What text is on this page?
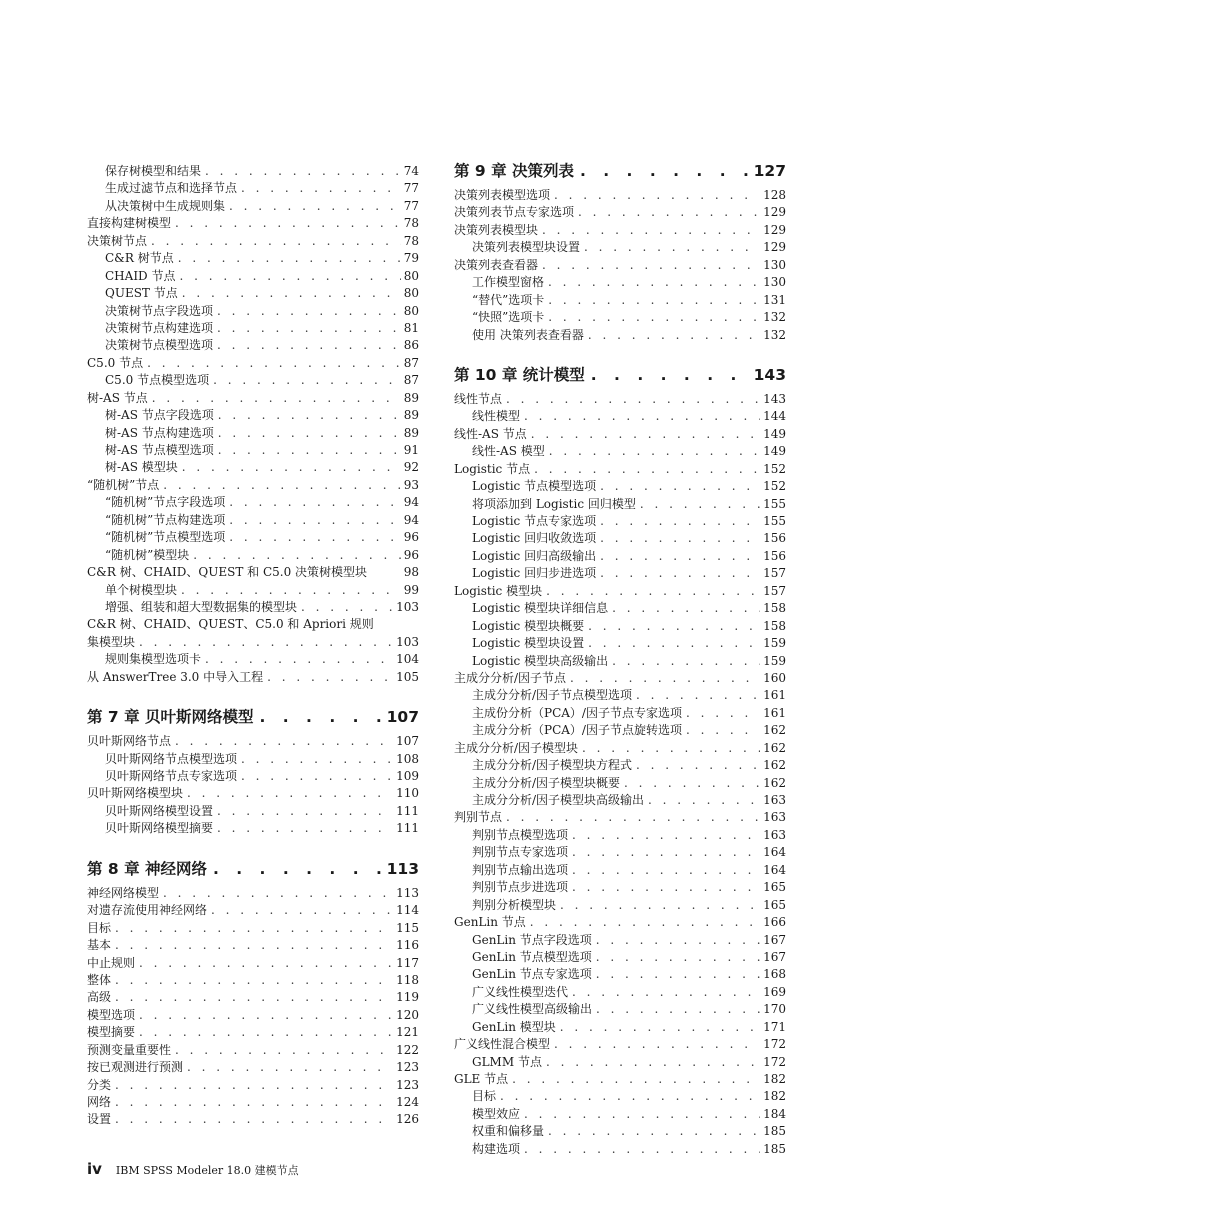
保存树模型和结果 . . .	74
生成过滤节点和选择节点 . . .	77
从决策树中生成规则集 . . .	77
直接构建树模型 . . .	78
决策树节点 . . .	78
C&R 树节点 . . .	79
CHAID 节点 . . .	80
QUEST 节点 . . .	80
决策树节点字段选项 . . .	80
决策树节点构建选项 . . .	81
决策树节点模型选项 . . .	86
C5.0 节点 . . .	87
C5.0 节点模型选项 . . .	87
树-AS 节点 . . .	89
树-AS 节点字段选项 . . .	89
树-AS 节点构建选项 . . .	89
树-AS 节点模型选项 . . .	91
树-AS 模型块 . . .	92
“随机树”节点 . . .	93
“随机树”节点字段选项 . . .	94
“随机树”节点构建选项 . . .	94
“随机树”节点模型选项 . . .	96
“随机树”模型块 . . .	96
C&R 树、CHAID、QUEST 和 C5.0 决策树模型块	98
单个树模型块 . . .	99
增强、组装和超大型数据集的模型块 . . .	103
C&R 树、CHAID、QUEST、C5.0 和 Apriori 规则
集模型块 . . .	103
规则集模型选项卡 . . .	104
从 AnswerTree 3.0 中导入工程 . . .	105
第 7 章 贝叶斯网络模型 . . .	107
贝叶斯网络节点 . . .	107
贝叶斯网络节点模型选项 . . .	108
贝叶斯网络节点专家选项 . . .	109
贝叶斯网络模型块 . . .	110
贝叶斯网络模型设置 . . .	111
贝叶斯网络模型摘要 . . .	111
第 8 章 神经网络 . . .	113
神经网络模型 . . .	113
对遗存流使用神经网络 . . .	114
目标 . . .	115
基本 . . .	116
中止规则 . . .	117
整体 . . .	118
高级 . . .	119
模型选项 . . .	120
模型摘要 . . .	121
预测变量重要性 . . .	122
按已观测进行预测 . . .	123
分类 . . .	123
网络 . . .	124
设置 . . .	126
第 9 章 决策列表 . . .	127
决策列表模型选项 . . .	128
决策列表节点专家选项 . . .	129
决策列表模型块 . . .	129
决策列表模型块设置 . . .	129
决策列表查看器 . . .	130
工作模型窗格 . . .	130
“替代”选项卡 . . .	131
“快照”选项卡 . . .	132
使用 决策列表查看器 . . .	132
第 10 章 统计模型 . . .	143
线性节点 . . .	143
线性模型 . . .	144
线性-AS 节点 . . .	149
线性-AS 模型 . . .	149
Logistic 节点 . . .	152
Logistic 节点模型选项 . . .	152
将项添加到 Logistic 回归模型 . . .	155
Logistic 节点专家选项 . . .	155
Logistic 回归收敛选项 . . .	156
Logistic 回归高级输出 . . .	156
Logistic 回归步进选项 . . .	157
Logistic 模型块 . . .	157
Logistic 模型块详细信息 . . .	158
Logistic 模型块概要 . . .	158
Logistic 模型块设置 . . .	159
Logistic 模型块高级输出 . . .	159
主成分分析/因子节点 . . .	160
主成分分析/因子节点模型选项 . . .	161
主成份分析（PCA）/因子节点专家选项 . . .	161
主成分分析（PCA）/因子节点旋转选项 . . .	162
主成分分析/因子模型块 . . .	162
主成分分析/因子模型块方程式 . . .	162
主成分分析/因子模型块概要 . . .	162
主成分分析/因子模型块高级输出 . . .	163
判别节点 . . .	163
判别节点模型选项 . . .	163
判别节点专家选项 . . .	164
判别节点输出选项 . . .	164
判别节点步进选项 . . .	165
判别分析模型块 . . .	165
GenLin 节点 . . .	166
GenLin 节点字段选项 . . .	167
GenLin 节点模型选项 . . .	167
GenLin 节点专家选项 . . .	168
广义线性模型迭代 . . .	169
广义线性模型高级输出 . . .	170
GenLin 模型块 . . .	171
广义线性混合模型 . . .	172
GLMM 节点 . . .	172
GLE 节点 . . .	182
目标 . . .	182
模型效应 . . .	184
权重和偏移量 . . .	185
构建选项 . . .	185
iv IBM SPSS Modeler 18.0 建模节点
